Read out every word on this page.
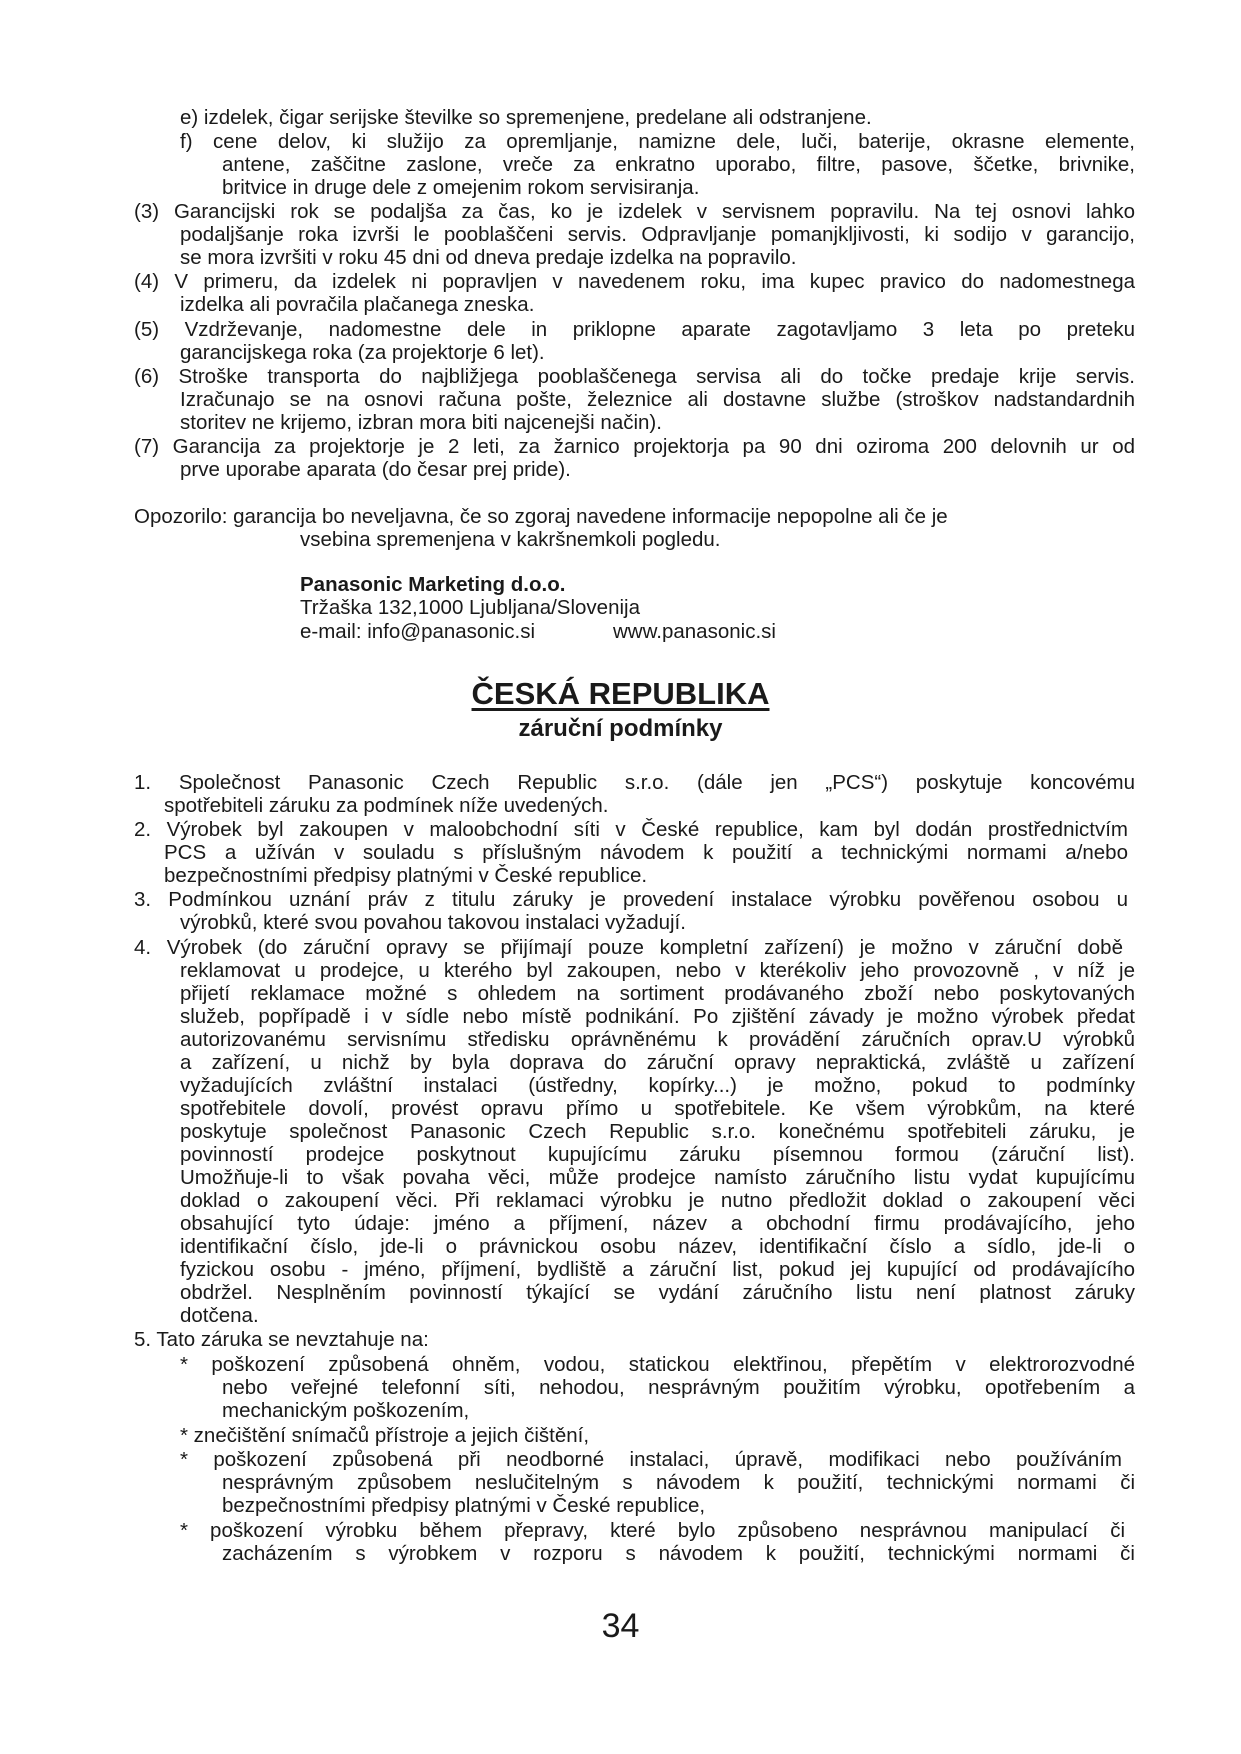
e) izdelek, čigar serijske številke so spremenjene, predelane ali odstranjene.
f) cene delov, ki služijo za opremljanje, namizne dele, luči, baterije, okrasne elemente,
antene, zaščitne zaslone, vreče za enkratno uporabo, filtre, pasove, ščetke, brivnike,
britvice in druge dele z omejenim rokom servisiranja.
(3) Garancijski rok se podaljša za čas, ko je izdelek v servisnem popravilu. Na tej osnovi lahko
podaljšanje roka izvrši le pooblaščeni servis. Odpravljanje pomanjkljivosti, ki sodijo v garancijo,
se mora izvršiti v roku 45 dni od dneva predaje izdelka na popravilo.
(4) V primeru, da izdelek ni popravljen v navedenem roku, ima kupec pravico do nadomestnega
izdelka ali povračila plačanega zneska.
(5) Vzdrževanje, nadomestne dele in priklopne aparate zagotavljamo 3 leta po preteku
garancijskega roka (za projektorje 6 let).
(6) Stroške transporta do najbližjega pooblaščenega servisa ali do točke predaje krije servis.
Izračunajo se na osnovi računa pošte, železnice ali dostavne službe (stroškov nadstandardnih
storitev ne krijemo, izbran mora biti najcenejši način).
(7) Garancija za projektorje je 2 leti, za žarnico projektorja pa 90 dni oziroma 200 delovnih ur od
prve uporabe aparata (do česar prej pride).
Opozorilo: garancija bo neveljavna, če so zgoraj navedene informacije nepopolne ali če je
vsebina spremenjena v kakršnemkoli pogledu.
Panasonic Marketing d.o.o.
Tržaška 132,1000 Ljubljana/Slovenija
e-mail: info@panasonic.si	www.panasonic.si
ČESKÁ REPUBLIKA
záruční podmínky
1. Společnost Panasonic Czech Republic s.r.o. (dále jen „PCS“) poskytuje koncovému
spotřebiteli záruku za podmínek níže uvedených.
2. Výrobek byl zakoupen v maloobchodní síti v České republice, kam byl dodán prostřednictvím
PCS a užíván v souladu s příslušným návodem k použití a technickými normami a/nebo
bezpečnostními předpisy platnými v České republice.
3. Podmínkou uznání práv z titulu záruky je provedení instalace výrobku pověřenou osobou u
výrobků, které svou povahou takovou instalaci vyžadují.
4. Výrobek (do záruční opravy se přijímají pouze kompletní zařízení) je možno v záruční době
reklamovat u prodejce, u kterého byl zakoupen, nebo v kterékoliv jeho provozovně , v níž je
přijetí reklamace možné s ohledem na sortiment prodávaného zboží nebo poskytovaných
služeb, popřípadě i v sídle nebo místě podnikání. Po zjištění závady je možno výrobek předat
autorizovanému servisnímu středisku oprávněnému k provádění záručních oprav.U výrobků
a zařízení, u nichž by byla doprava do záruční opravy nepraktická, zvláště u zařízení
vyžadujících zvláštní instalaci (ústředny, kopírky...) je možno, pokud to podmínky
spotřebitele dovolí, provést opravu přímo u spotřebitele. Ke všem výrobkům, na které
poskytuje společnost Panasonic Czech Republic s.r.o. konečnému spotřebiteli záruku, je
povinností prodejce poskytnout kupujícímu záruku písemnou formou (záruční list).
Umožňuje-li to však povaha věci, může prodejce namísto záručního listu vydat kupujícímu
doklad o zakoupení věci. Při reklamaci výrobku je nutno předložit doklad o zakoupení věci
obsahující tyto údaje: jméno a příjmení, název a obchodní firmu prodávajícího, jeho
identifikační číslo, jde-li o právnickou osobu název, identifikační číslo a sídlo, jde-li o
fyzickou osobu - jméno, příjmení, bydliště a záruční list, pokud jej kupující od prodávajícího
obdržel. Nesplněním povinností týkající se vydání záručního listu není platnost záruky
dotčena.
5. Tato záruka se nevztahuje na:
* poškození způsobená ohněm, vodou, statickou elektřinou, přepětím v elektrorozvodné
nebo veřejné telefonní síti, nehodou, nesprávným použitím výrobku, opotřebením a
mechanickým poškozením,
* znečištění snímačů přístroje a jejich čištění,
* poškození způsobená při neodborné instalaci, úpravě, modifikaci nebo používáním
nesprávným způsobem neslučitelným s návodem k použití, technickými normami či
bezpečnostními předpisy platnými v České republice,
* poškození výrobku během přepravy, které bylo způsobeno nesprávnou manipulací či
zacházením s výrobkem v rozporu s návodem k použití, technickými normami či
34
